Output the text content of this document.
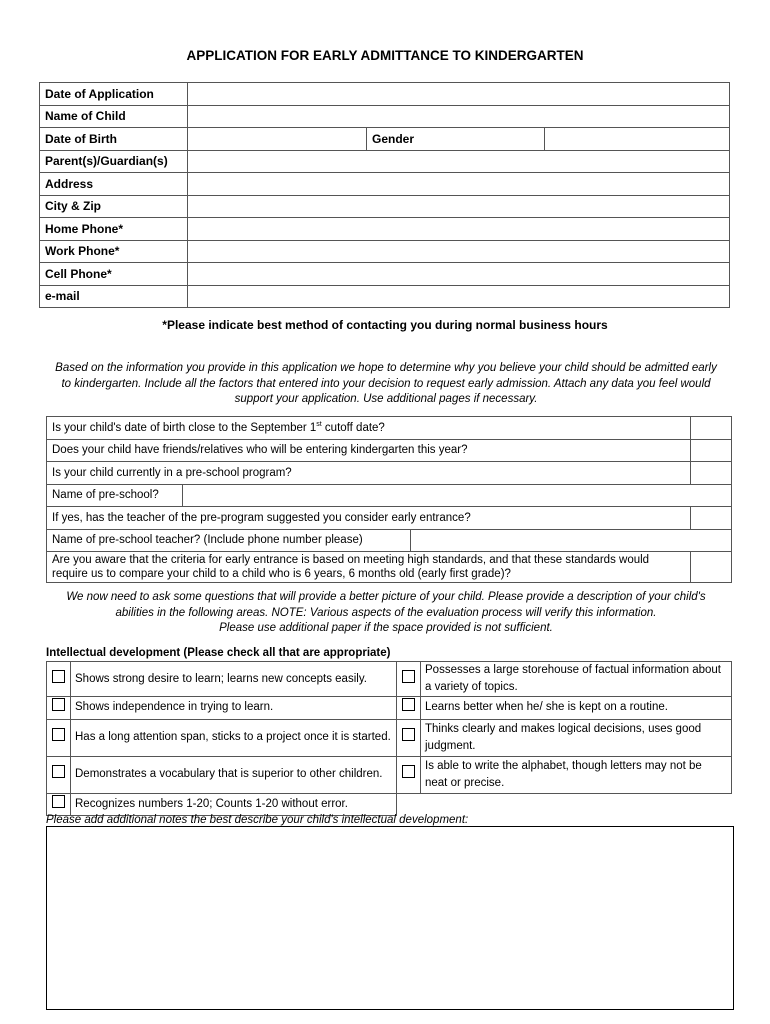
APPLICATION FOR EARLY ADMITTANCE TO KINDERGARTEN
Date of Application			
Name of Child			
Date of Birth		Gender	
Parent(s)/Guardian(s)			
Address			
City & Zip			
Home Phone*			
Work Phone*			
Cell Phone*			
e-mail			
*Please indicate best method of contacting you during normal business hours
Based on the information you provide in this application we hope to determine why you believe your child should be admitted early to kindergarten. Include all the factors that entered into your decision to request early admission. Attach any data you feel would support your application. Use additional pages if necessary.
Is your child's date of birth close to the September 1st cutoff date?			
Does your child have friends/relatives who will be entering kindergarten this year?			
Is your child currently in a pre-school program?			
Name of pre-school?			
If yes, has the teacher of the pre-program suggested you consider early entrance?			
Name of pre-school teacher? (Include phone number please)			
Are you aware that the criteria for early entrance is based on meeting high standards, and that these standards would require us to compare your child to a child who is 6 years, 6 months old (early first grade)?			
We now need to ask some questions that will provide a better picture of your child. Please provide a description of your child's abilities in the following areas. NOTE: Various aspects of the evaluation process will verify this information.
Please use additional paper if the space provided is not sufficient.
Intellectual development (Please check all that are appropriate)
	Shows strong desire to learn; learns new concepts easily.		Possesses a large storehouse of factual information about a variety of topics.
	Shows independence in trying to learn.		Learns better when he/ she is kept on a routine.
	Has a long attention span, sticks to a project once it is started.		Thinks clearly and makes logical decisions, uses good judgment.
	Demonstrates a vocabulary that is superior to other children.		Is able to write the alphabet, though letters may not be neat or precise.
	Recognizes numbers 1-20; Counts 1-20 without error.		
Please add additional notes the best describe your child's intellectual development:
